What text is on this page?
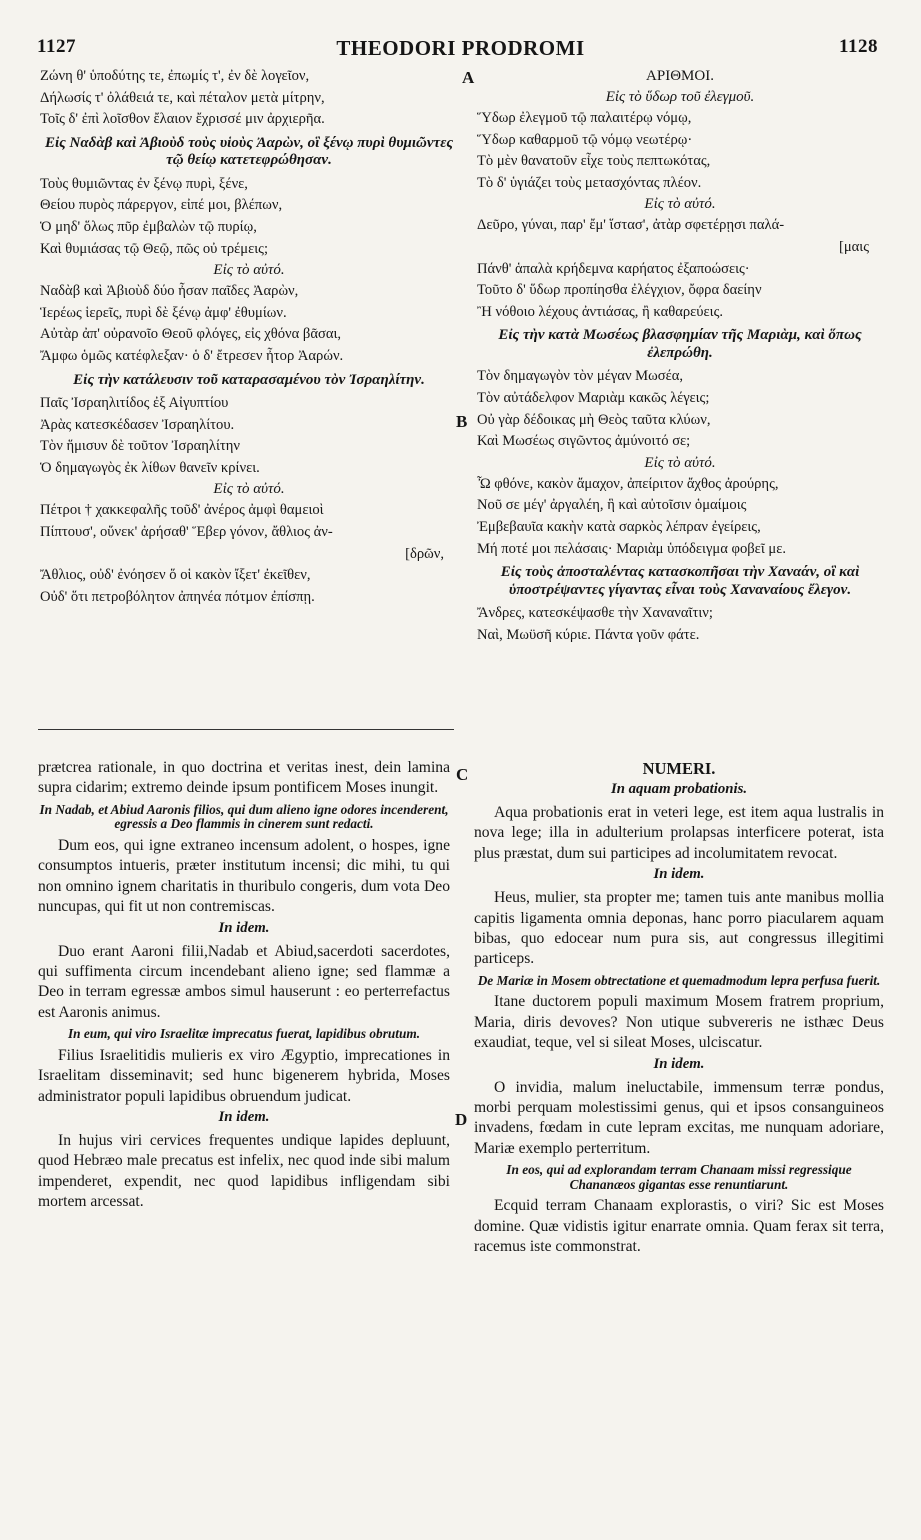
1127	THEODORI PRODROMI	1128
A
B
C
D
Ζώνη θ' ὑποδύτης τε, ἐπωμίς τ', ἐν δὲ λογεῖον,
Δήλωσίς τ' ὀλάθειά τε, καὶ πέταλον μετὰ μίτρην,
Τοῖς δ' ἐπὶ λοῖσθον ἔλαιον ἔχρισσέ μιν ἀρχιερῆα.
Εἰς Ναδὰβ καὶ Ἀβιοὺδ τοὺς υἱοὺς Ἀαρὼν, οἳ ξένῳ πυρὶ θυμιῶντες τῷ θείῳ κατετεφρώθησαν.
Τοὺς θυμιῶντας ἐν ξένῳ πυρὶ, ξένε,
Θείου πυρὸς πάρεργον, εἰπέ μοι, βλέπων,
Ὁ μηδ' ὅλως πῦρ ἐμβαλὼν τῷ πυρίῳ,
Καὶ θυμιάσας τῷ Θεῷ, πῶς οὐ τρέμεις;
Εἰς τὸ αὐτό.
Ναδὰβ καὶ Ἀβιοὺδ δύο ἦσαν παῖδες Ἀαρὼν,
Ἱερέως ἱερεῖς, πυρὶ δὲ ξένῳ ἀμφ' ἐθυμίων.
Αὐτὰρ ἀπ' οὐρανοῖο Θεοῦ φλόγες, εἰς χθόνα βᾶσαι,
Ἄμφω ὁμῶς κατέφλεξαν· ὁ δ' ἔτρεσεν ἦτορ Ἀαρών.
Εἰς τὴν κατάλευσιν τοῦ καταρασαμένου τὸν Ἰσραηλίτην.
Παῖς Ἰσραηλιτίδος ἐξ Αἰγυπτίου
Ἀρὰς κατεσκέδασεν Ἰσραηλίτου.
Τὸν ἥμισυν δὲ τοῦτον Ἰσραηλίτην
Ὁ δημαγωγὸς ἐκ λίθων θανεῖν κρίνει.
Εἰς τὸ αὐτό.
Πέτροι † χακκεφαλῆς τοῦδ' ἀνέρος ἀμφὶ θαμειοὶ
Πίπτουσ', οὕνεκ' ἀρήσαθ' Ἕβερ γόνον, ἄθλιος ἀν-
[δρῶν,
Ἄθλιος, οὐδ' ἐνόησεν ὅ οἱ κακὸν ἴξετ' ἐκεῖθεν,
Οὐδ' ὅτι πετροβόλητον ἀπηνέα πότμον ἐπίσπῃ.
ΑΡΙΘΜΟΙ.
Εἰς τὸ ὕδωρ τοῦ ἐλεγμοῦ.
Ὕδωρ ἐλεγμοῦ τῷ παλαιτέρῳ νόμῳ,
Ὕδωρ καθαρμοῦ τῷ νόμῳ νεωτέρῳ·
Τὸ μὲν θανατοῦν εἶχε τοὺς πεπτωκότας,
Τὸ δ' ὑγιάζει τοὺς μετασχόντας πλέον.
Εἰς τὸ αὐτό.
Δεῦρο, γύναι, παρ' ἔμ' ἵστασ', ἀτὰρ σφετέρῃσι παλά-
[μαις
Πάνθ' ἁπαλὰ κρήδεμνα καρήατος ἐξαποώσεις·
Τοῦτο δ' ὕδωρ προπίησθα ἐλέγχιον, ὄφρα δαείην
Ἢ νόθοιο λέχους ἀντιάσας, ἢ καθαρεύεις.
Εἰς τὴν κατὰ Μωσέως βλασφημίαν τῆς Μαριὰμ, καὶ ὅπως ἐλεπρώθη.
Τὸν δημαγωγὸν τὸν μέγαν Μωσέα,
Τὸν αὐτάδελφον Μαριὰμ κακῶς λέγεις;
Οὐ γὰρ δέδοικας μὴ Θεὸς ταῦτα κλύων,
Καὶ Μωσέως σιγῶντος ἀμύνοιτό σε;
Εἰς τὸ αὐτό.
Ὦ φθόνε, κακὸν ἄμαχον, ἀπείριτον ἄχθος ἀρούρης,
Νοῦ σε μέγ' ἀργαλέη, ἣ καὶ αὐτοῖσιν ὁμαίμοις
Ἐμβεβαυῖα κακὴν κατὰ σαρκὸς λέπραν ἐγείρεις,
Μή ποτέ μοι πελάσαις· Μαριὰμ ὑπόδειγμα φοβεῖ με.
Εἰς τοὺς ἀποσταλέντας κατασκοπῆσαι τὴν Χαναάν, οἳ καὶ ὑποστρέψαντες γίγαντας εἶναι τοὺς Χαναναίους ἔλεγον.
Ἄνδρες, κατεσκέψασθε τὴν Χαναναῖτιν;
Ναὶ, Μωϋσῆ κύριε. Πάντα γοῦν φάτε.

prætcrea rationale, in quo doctrina et veritas inest, dein lamina supra cidarim; extremo deinde ipsum pontificem Moses inungit.

In Nadab, et Abiud Aaronis filios, qui dum alieno igne odores incenderent, egressis a Deo flammis in cinerem sunt redacti.

Dum eos, qui igne extraneo incensum adolent, o hospes, igne consumptos intueris, præter institutum incensi; dic mihi, tu qui non omnino ignem charitatis in thuribulo congeris, dum vota Deo nuncupas, qui fit ut non contremiscas.

In idem.

Duo erant Aaroni filii,Nadab et Abiud,sacerdoti sacerdotes, qui suffimenta circum incendebant alieno igne; sed flammæ a Deo in terram egressæ ambos simul hauserunt : eo perterrefactus est Aaronis animus.

In eum, qui viro Israelitæ imprecatus fuerat, lapidibus obrutum.

Filius Israelitidis mulieris ex viro Ægyptio, imprecationes in Israelitam disseminavit; sed hunc bigenerem hybrida, Moses administrator populi lapidibus obruendum judicat.

In idem.

In hujus viri cervices frequentes undique lapides depluunt, quod Hebræo male precatus est infelix, nec quod inde sibi malum impenderet, expendit, nec quod lapidibus infligendam sibi mortem arcessat.

NUMERI.
In aquam probationis.

Aqua probationis erat in veteri lege, est item aqua lustralis in nova lege; illa in adulterium prolapsas interficere poterat, ista plus præstat, dum sui participes ad incolumitatem revocat.

In idem.

Heus, mulier, sta propter me; tamen tuis ante manibus mollia capitis ligamenta omnia deponas, hanc porro piacularem aquam bibas, quo edocear num pura sis, aut congressus illegitimi particeps.

De Mariæ in Mosem obtrectatione et quemadmodum lepra perfusa fuerit.

Itane ductorem populi maximum Mosem fratrem proprium, Maria, diris devoves? Non utique subvereris ne isthæc Deus exaudiat, teque, vel si sileat Moses, ulciscatur.

In idem.

O invidia, malum ineluctabile, immensum terræ pondus, morbi perquam molestissimi genus, qui et ipsos consanguineos invadens, fœdam in cute lepram excitas, me nunquam adoriare, Mariæ exemplo perterritum.

In eos, qui ad explorandam terram Chanaam missi regressique Chananæos gigantas esse renuntiarunt.

Ecquid terram Chanaam explorastis, o viri? Sic est Moses domine. Quæ vidistis igitur enarrate omnia. Quam ferax sit terra, racemus iste commonstrat.
